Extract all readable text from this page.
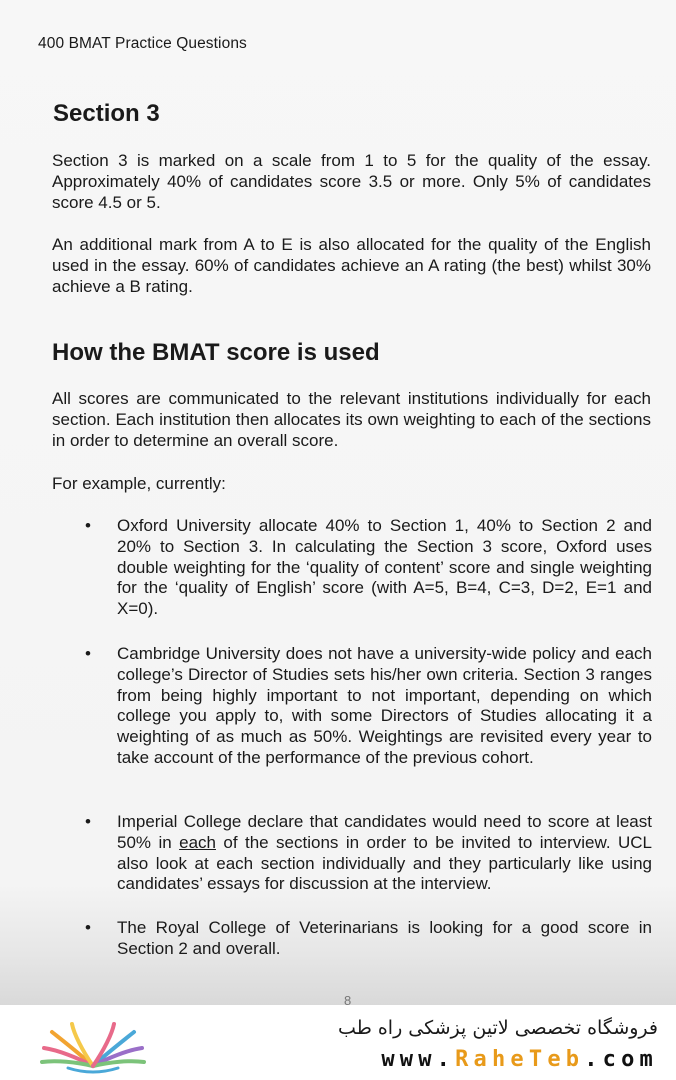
400 BMAT Practice Questions
Section 3

Section 3 is marked on a scale from 1 to 5 for the quality of the essay. Approximately 40% of candidates score 3.5 or more. Only 5% of candidates score 4.5 or 5.

An additional mark from A to E is also allocated for the quality of the English used in the essay. 60% of candidates achieve an A rating (the best) whilst 30% achieve a B rating.

How the BMAT score is used

All scores are communicated to the relevant institutions individually for each section. Each institution then allocates its own weighting to each of the sections in order to determine an overall score.

For example, currently:

• Oxford University allocate 40% to Section 1, 40% to Section 2 and 20% to Section 3. In calculating the Section 3 score, Oxford uses double weighting for the ‘quality of content’ score and single weighting for the ‘quality of English’ score (with A=5, B=4, C=3, D=2, E=1 and X=0).
• Cambridge University does not have a university-wide policy and each college’s Director of Studies sets his/her own criteria. Section 3 ranges from being highly important to not important, depending on which college you apply to, with some Directors of Studies allocating it a weighting of as much as 50%. Weightings are revisited every year to take account of the performance of the previous cohort.
• Imperial College declare that candidates would need to score at least 50% in each of the sections in order to be invited to interview. UCL also look at each section individually and they particularly like using candidates’ essays for discussion at the interview.
• The Royal College of Veterinarians is looking for a good score in Section 2 and overall.
8
فروشگاه تخصصی لاتین پزشکی راه طب
www.RaheTeb.com
